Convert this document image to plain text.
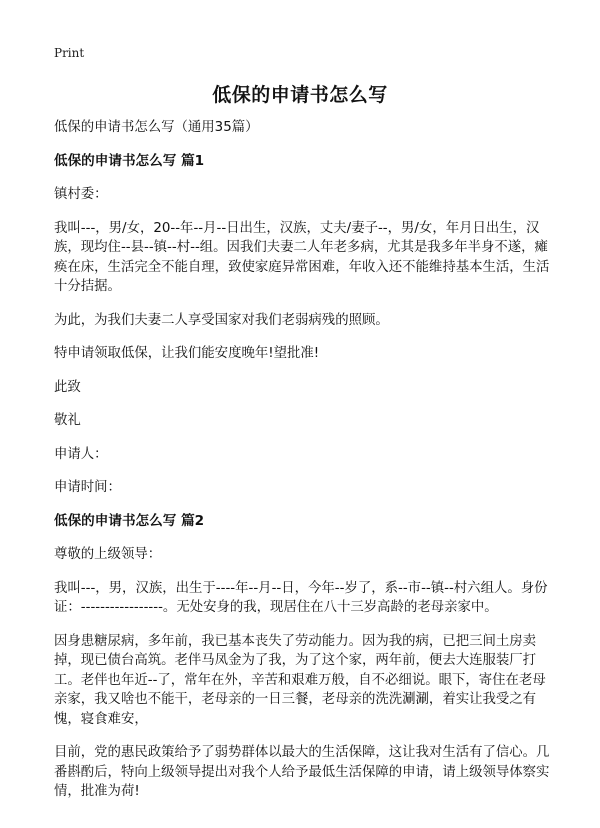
Print
低保的申请书怎么写

低保的申请书怎么写（通用35篇）

低保的申请书怎么写 篇1

镇村委：

我叫---，男/女，20--年--月--日出生，汉族，丈夫/妻子--，男/女，年月日出生，汉族，现均住--县--镇--村--组。因我们夫妻二人年老多病，尤其是我多年半身不遂，瘫痪在床，生活完全不能自理，致使家庭异常困难，年收入还不能维持基本生活，生活十分拮据。

为此，为我们夫妻二人享受国家对我们老弱病残的照顾。

特申请领取低保，让我们能安度晚年!望批准!

此致

敬礼

申请人：

申请时间：

低保的申请书怎么写 篇2

尊敬的上级领导：

我叫---，男，汉族，出生于----年--月--日，今年--岁了，系--市--镇--村六组人。身份证：-----------------。无处安身的我，现居住在八十三岁高龄的老母亲家中。

因身患糖尿病，多年前，我已基本丧失了劳动能力。因为我的病，已把三间土房卖掉，现已债台高筑。老伴马凤金为了我，为了这个家，两年前，便去大连服装厂打工。老伴也年近--了，常年在外，辛苦和艰难万般，自不必细说。眼下，寄住在老母亲家，我又啥也不能干，老母亲的一日三餐，老母亲的洗洗涮涮，着实让我受之有愧，寝食难安，

目前，党的惠民政策给予了弱势群体以最大的生活保障，这让我对生活有了信心。几番斟酌后，特向上级领导提出对我个人给予最低生活保障的申请，请上级领导体察实情，批准为荷!
